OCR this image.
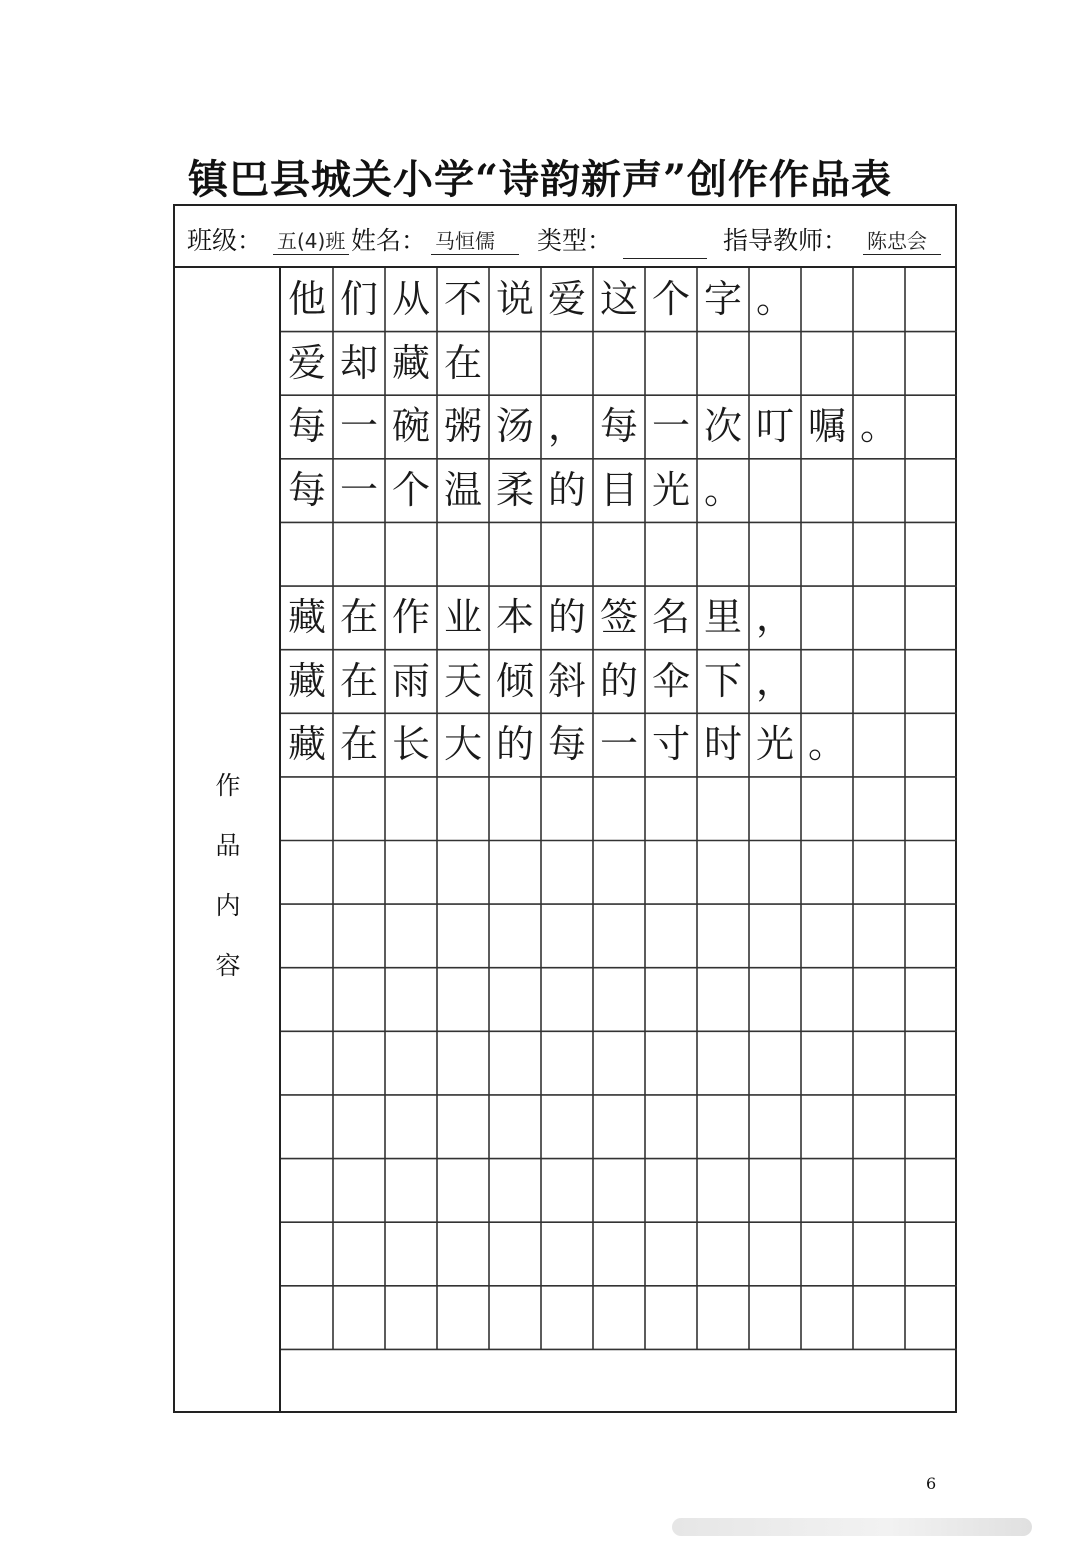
镇巴县城关小学“诗韵新声”创作作品表
班级： 五(4)班 姓名： 马恒儒	类型：	指导教师： 陈忠会
作
品
内
容
他 们 从 不 说 爱 这 个 字 。
爱 却 藏 在
每 一 碗 粥 汤 ， 每 一 次 叮 嘱 。
每 一 个 温 柔 的 目 光 。
藏 在 作 业 本 的 签 名 里 ，
藏 在 雨 天 倾 斜 的 伞 下 ，
藏 在 长 大 的 每 一 寸 时 光 。
6
